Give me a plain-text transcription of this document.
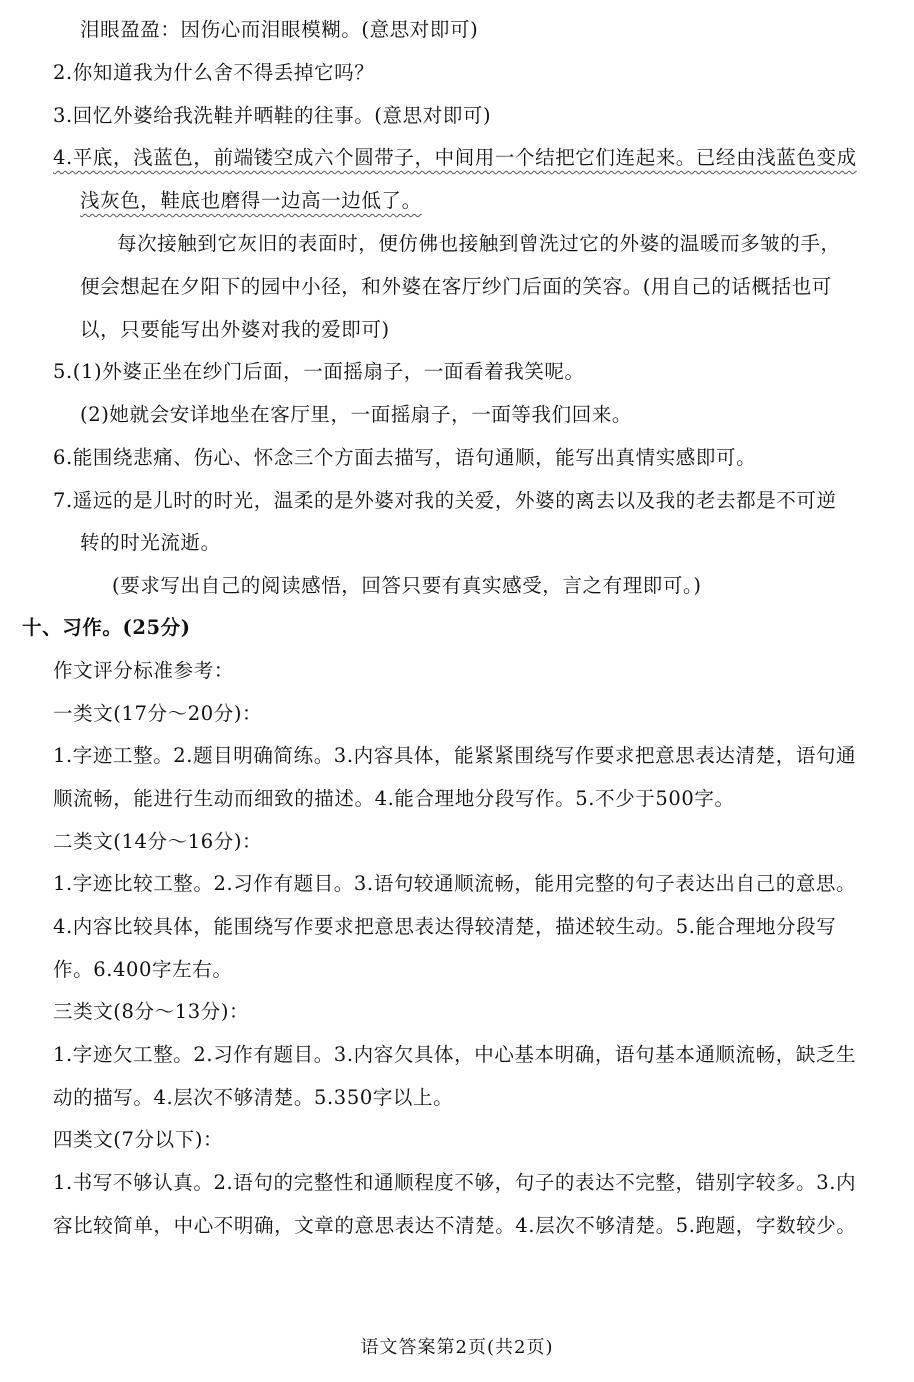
泪眼盈盈：因伤心而泪眼模糊。(意思对即可)
2.你知道我为什么舍不得丢掉它吗？
3.回忆外婆给我洗鞋并晒鞋的往事。(意思对即可)
4.平底，浅蓝色，前端镂空成六个圆带子，中间用一个结把它们连起来。已经由浅蓝色变成
浅灰色，鞋底也磨得一边高一边低了。
每次接触到它灰旧的表面时，便仿佛也接触到曾洗过它的外婆的温暖而多皱的手，
便会想起在夕阳下的园中小径，和外婆在客厅纱门后面的笑容。(用自己的话概括也可
以，只要能写出外婆对我的爱即可)
5.(1)外婆正坐在纱门后面，一面摇扇子，一面看着我笑呢。
(2)她就会安详地坐在客厅里，一面摇扇子，一面等我们回来。
6.能围绕悲痛、伤心、怀念三个方面去描写，语句通顺，能写出真情实感即可。
7.遥远的是儿时的时光，温柔的是外婆对我的关爱，外婆的离去以及我的老去都是不可逆
转的时光流逝。
(要求写出自己的阅读感悟，回答只要有真实感受，言之有理即可。)
十、习作。(25分)
作文评分标准参考：
一类文(17分～20分)：
1.字迹工整。2.题目明确简练。3.内容具体，能紧紧围绕写作要求把意思表达清楚，语句通
顺流畅，能进行生动而细致的描述。4.能合理地分段写作。5.不少于500字。
二类文(14分～16分)：
1.字迹比较工整。2.习作有题目。3.语句较通顺流畅，能用完整的句子表达出自己的意思。
4.内容比较具体，能围绕写作要求把意思表达得较清楚，描述较生动。5.能合理地分段写
作。6.400字左右。
三类文(8分～13分)：
1.字迹欠工整。2.习作有题目。3.内容欠具体，中心基本明确，语句基本通顺流畅，缺乏生
动的描写。4.层次不够清楚。5.350字以上。
四类文(7分以下)：
1.书写不够认真。2.语句的完整性和通顺程度不够，句子的表达不完整，错别字较多。3.内
容比较简单，中心不明确，文章的意思表达不清楚。4.层次不够清楚。5.跑题，字数较少。
语文答案第2页(共2页)
